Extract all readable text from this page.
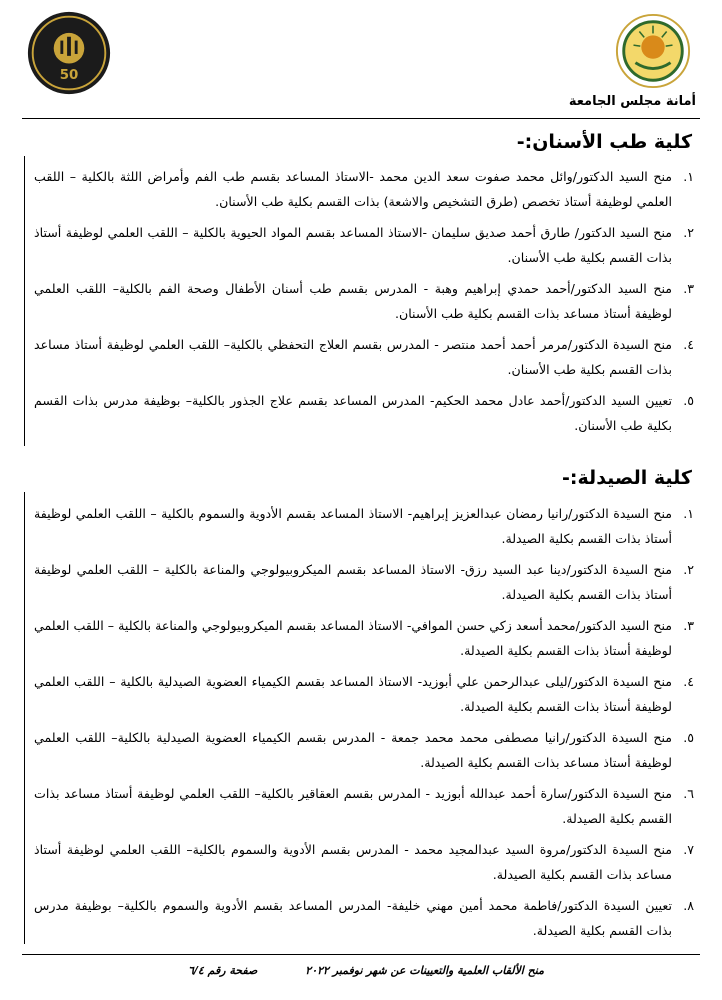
أمانة مجلس الجامعة
50
كلية طب الأسنان:-
١.
منح السيد الدكتور/وائل محمد صفوت سعد الدين محمد -الاستاذ المساعد بقسم طب الفم وأمراض اللثة بالكلية – اللقب العلمي لوظيفة أستاذ تخصص (طرق التشخيص والاشعة) بذات القسم بكلية طب الأسنان.
٢.
منح السيد الدكتور/ طارق أحمد صديق سليمان -الاستاذ المساعد بقسم المواد الحيوية بالكلية – اللقب العلمي لوظيفة أستاذ بذات القسم بكلية طب الأسنان.
٣.
منح السيد الدكتور/أحمد حمدي إبراهيم وهبة - المدرس بقسم طب أسنان الأطفال وصحة الفم بالكلية– اللقب العلمي لوظيفة أستاذ مساعد بذات القسم بكلية طب الأسنان.
٤.
منح السيدة الدكتور/مرمر أحمد أحمد منتصر - المدرس بقسم العلاج التحفظي بالكلية– اللقب العلمي لوظيفة أستاذ مساعد بذات القسم بكلية طب الأسنان.
٥.
تعيين السيد الدكتور/أحمد عادل محمد الحكيم- المدرس المساعد بقسم علاج الجذور بالكلية– بوظيفة مدرس بذات القسم بكلية طب الأسنان.
كلية الصيدلة:-
١.
منح السيدة الدكتور/رانيا رمضان عبدالعزيز إبراهيم- الاستاذ المساعد بقسم الأدوية والسموم بالكلية – اللقب العلمي لوظيفة أستاذ بذات القسم بكلية الصيدلة.
٢.
منح السيدة الدكتور/دينا عبد السيد رزق- الاستاذ المساعد بقسم الميكروبيولوجي والمناعة بالكلية – اللقب العلمي لوظيفة أستاذ بذات القسم بكلية الصيدلة.
٣.
منح السيد الدكتور/محمد أسعد زكي حسن الموافي- الاستاذ المساعد بقسم الميكروبيولوجي والمناعة بالكلية – اللقب العلمي لوظيفة أستاذ بذات القسم بكلية الصيدلة.
٤.
منح السيدة الدكتور/ليلى عبدالرحمن علي أبوزيد- الاستاذ المساعد بقسم الكيمياء العضوية الصيدلية بالكلية – اللقب العلمي لوظيفة أستاذ بذات القسم بكلية الصيدلة.
٥.
منح السيدة الدكتور/رانيا مصطفى محمد محمد جمعة - المدرس بقسم الكيمياء العضوية الصيدلية بالكلية– اللقب العلمي لوظيفة أستاذ مساعد بذات القسم بكلية الصيدلة.
٦.
منح السيدة الدكتور/سارة أحمد عبدالله أبوزيد - المدرس بقسم العقاقير بالكلية– اللقب العلمي لوظيفة أستاذ مساعد بذات القسم بكلية الصيدلة.
٧.
منح السيدة الدكتور/مروة السيد عبدالمجيد محمد - المدرس بقسم الأدوية والسموم بالكلية– اللقب العلمي لوظيفة أستاذ مساعد بذات القسم بكلية الصيدلة.
٨.
تعيين السيدة الدكتور/فاطمة محمد أمين مهني خليفة- المدرس المساعد بقسم الأدوية والسموم بالكلية– بوظيفة مدرس بذات القسم بكلية الصيدلة.
منح الألقاب العلمية والتعيينات عن شهر نوفمبر ٢٠٢٢
صفحة رقم ٦/٤
